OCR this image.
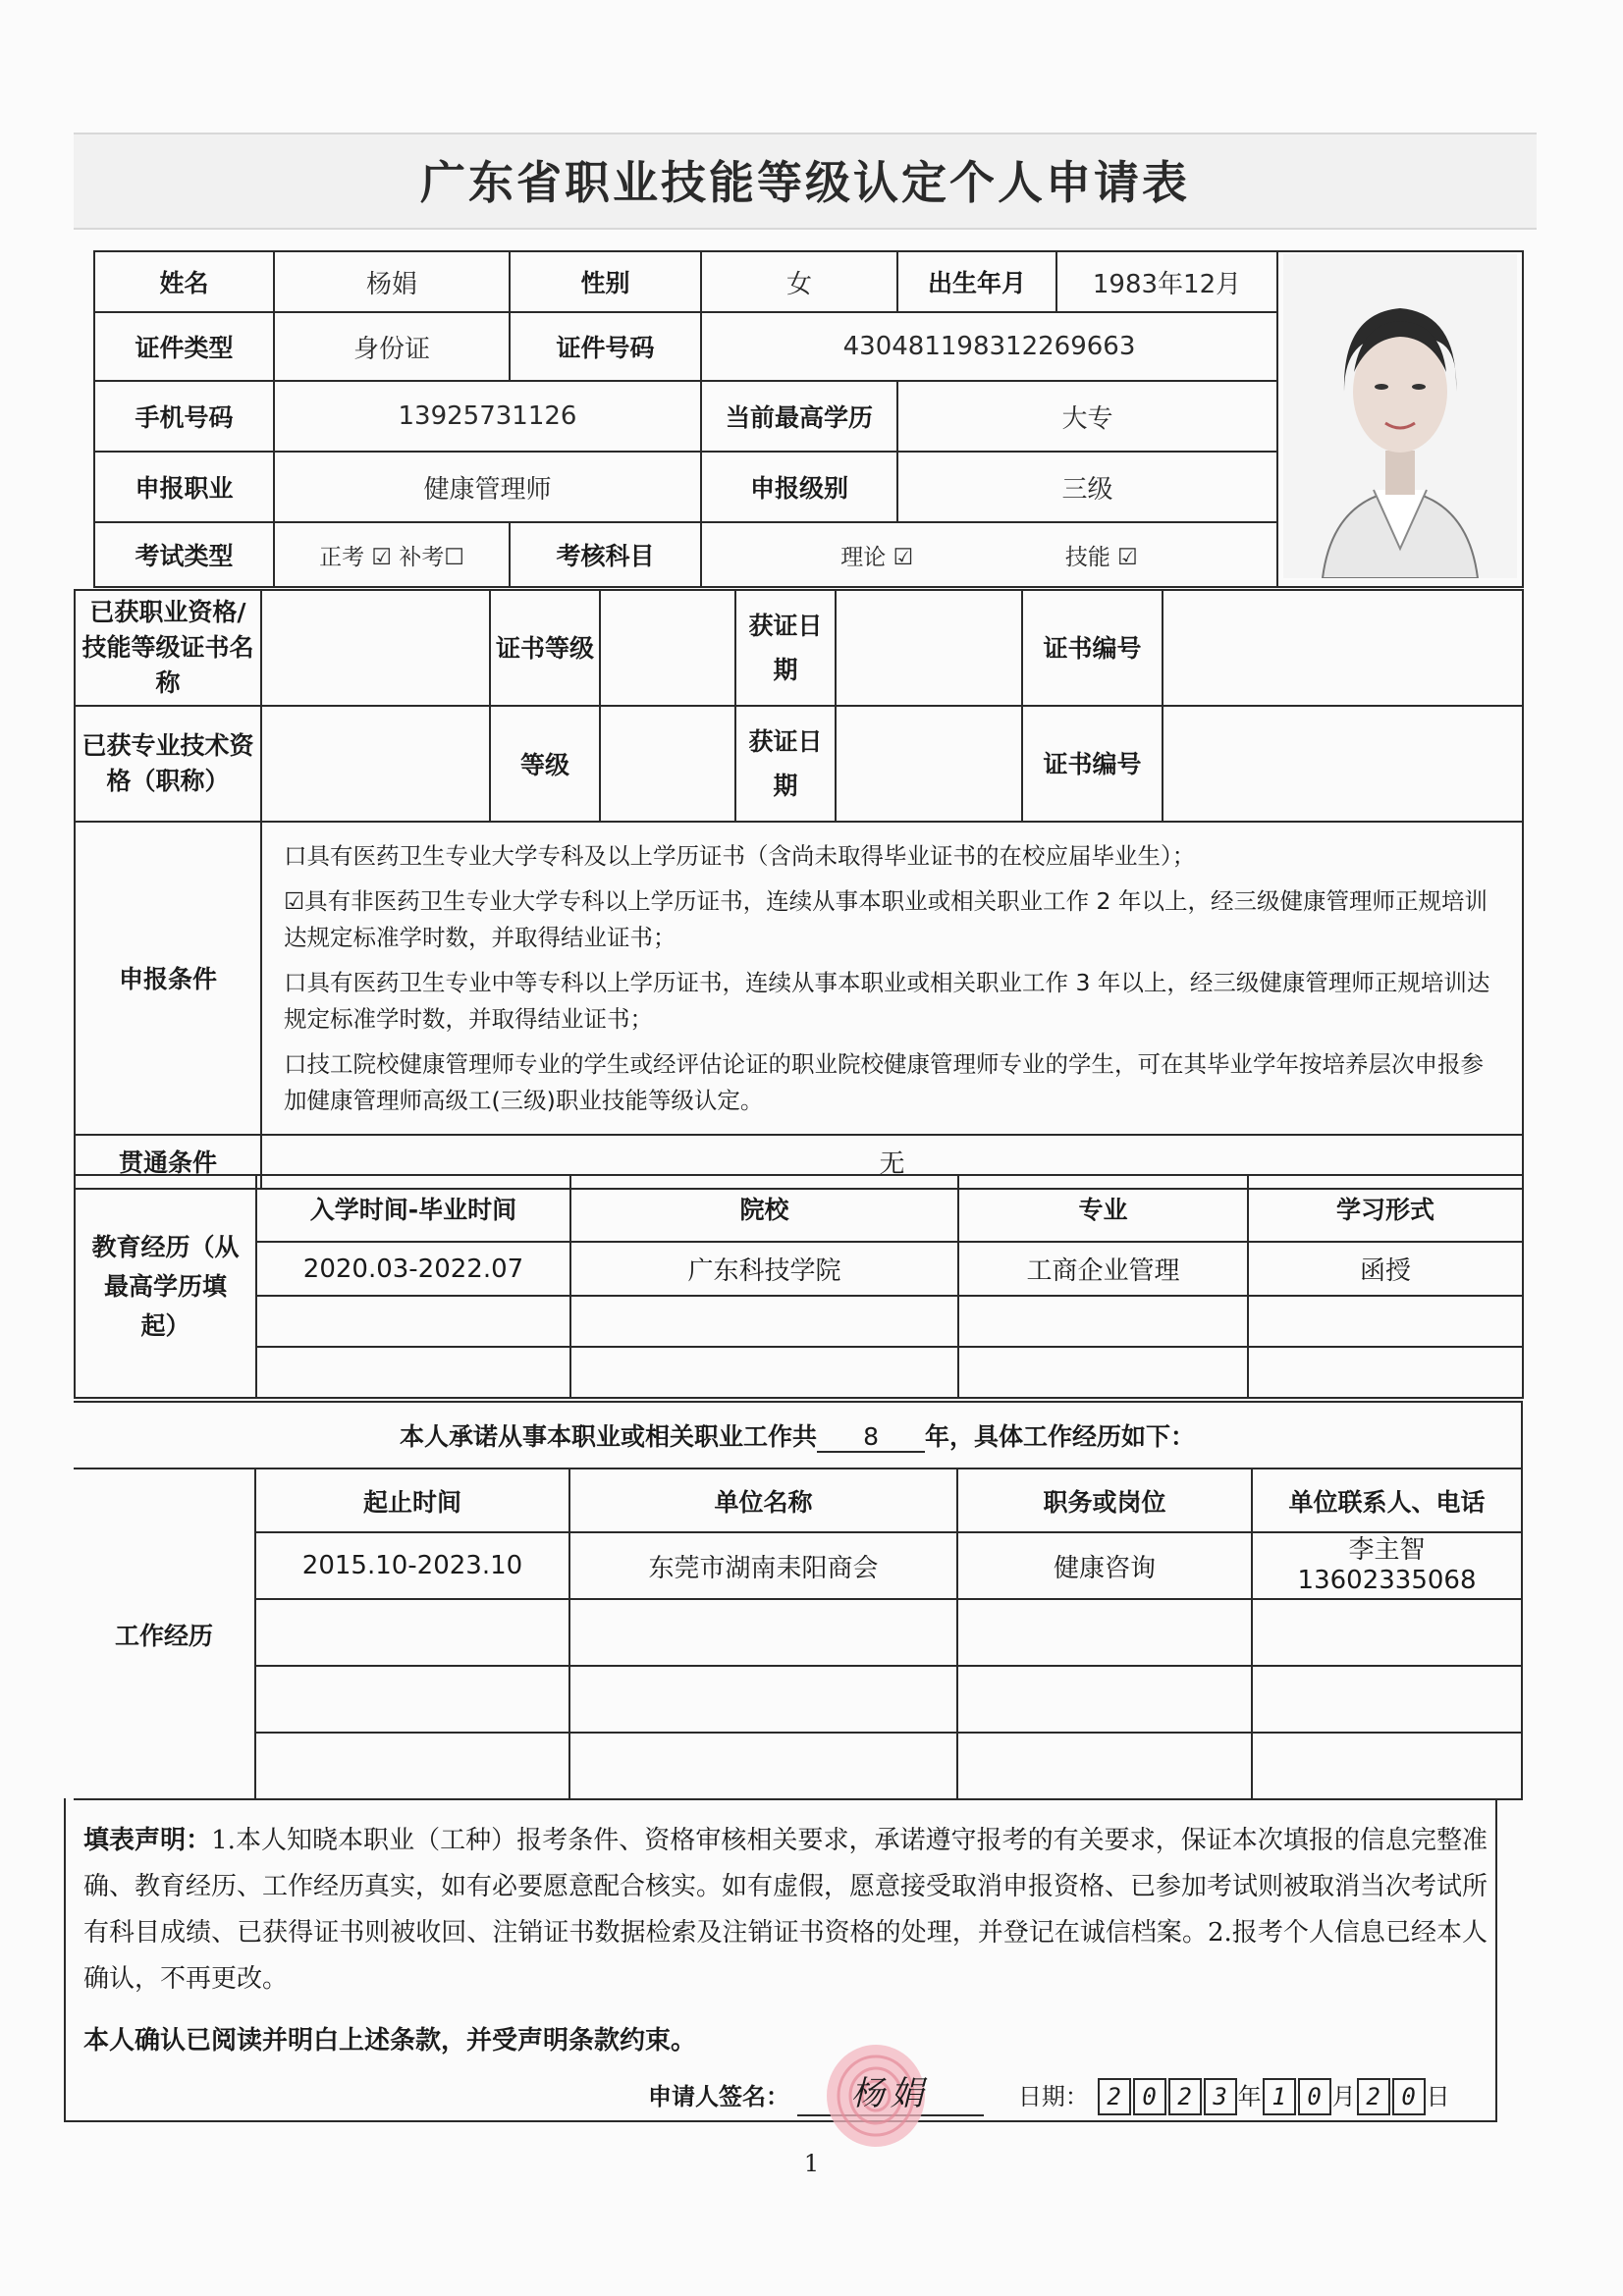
广东省职业技能等级认定个人申请表
姓名	杨娟	性别	女	出生年月	1983年12月	
证件类型	身份证	证件号码	430481198312269663			
手机号码	13925731126		当前最高学历	大专		
申报职业	健康管理师		申报级别	三级		
考试类型	正考 ☑ 补考☐	考核科目	理论 ☑ 技能 ☑			
已获职业资格/技能等级证书名称		证书等级		获证日期		证书编号	
已获专业技术资格（职称）		等级		获证日期		证书编号	
申报条件	口具有医药卫生专业大学专科及以上学历证书（含尚未取得毕业证书的在校应届毕业生）；
☑具有非医药卫生专业大学专科以上学历证书，连续从事本职业或相关职业工作 2 年以上，经三级健康管理师正规培训达规定标准学时数，并取得结业证书；
口具有医药卫生专业中等专科以上学历证书，连续从事本职业或相关职业工作 3 年以上，经三级健康管理师正规培训达规定标准学时数，并取得结业证书；
口技工院校健康管理师专业的学生或经评估论证的职业院校健康管理师专业的学生，可在其毕业学年按培养层次申报参加健康管理师高级工(三级)职业技能等级认定。

贯通条件	无
教育经历（从最高学历填起）	入学时间-毕业时间	院校	专业	学习形式
	2020.03-2022.07	广东科技学院	工商企业管理	函授

本人承诺从事本职业或相关职业工作共 8 年，具体工作经历如下：				
工作经历	起止时间	单位名称	职务或岗位	单位联系人、电话
	2015.10-2023.10	东莞市湖南耒阳商会	健康咨询	李主智
13602335068

填表声明：1.本人知晓本职业（工种）报考条件、资格审核相关要求，承诺遵守报考的有关要求，保证本次填报的信息完整准确、教育经历、工作经历真实，如有必要愿意配合核实。如有虚假，愿意接受取消申报资格、已参加考试则被取消当次考试所有科目成绩、已获得证书则被收回、注销证书数据检索及注销证书资格的处理，并登记在诚信档案。2.报考个人信息已经本人确认，不再更改。
本人确认已阅读并明白上述条款，并受声明条款约束。
申请人签名： 杨娟	日期： 2 0 2 3 年 1 0 月 2 0 日
1
